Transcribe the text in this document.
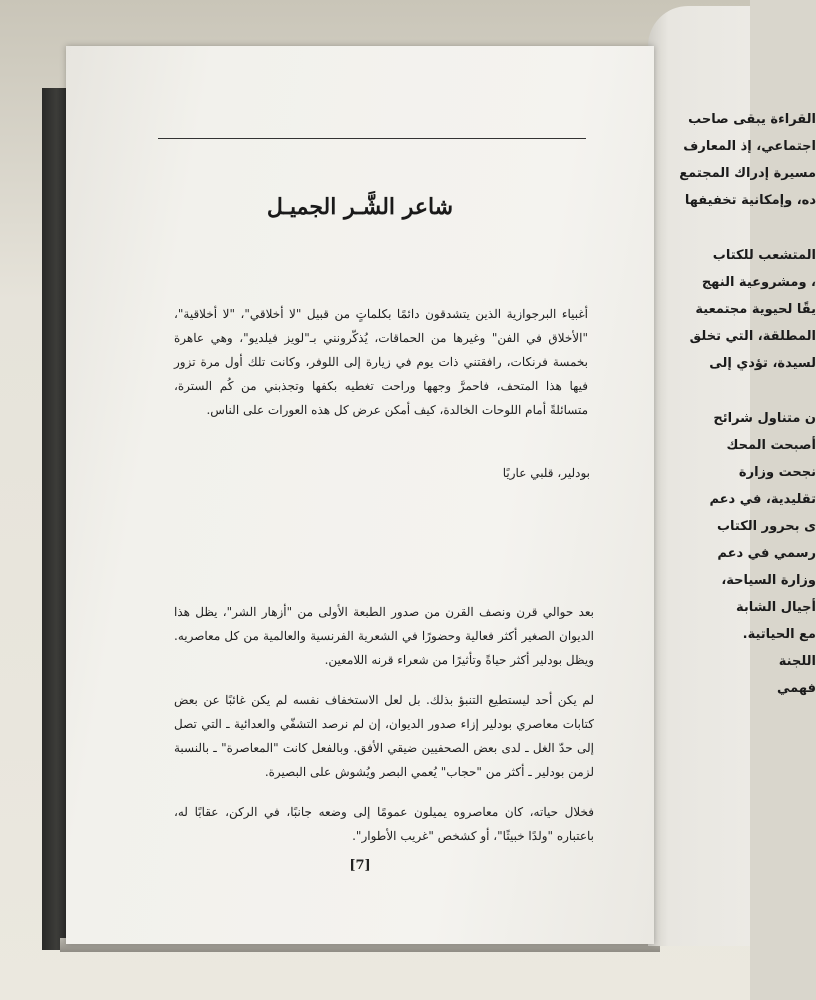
القراءة يبقى صاحب
اجتماعي، إذ المعارف
مسيرة إدراك المجتمع
ده، وإمكانية تخفيفها
المتشعب للكتاب
، ومشروعية النهج
يقًا لحيوية مجتمعية
المطلقة، التي تخلق
لسيدة، تؤدي إلى
ن متناول شرائح
أصبحت المحك
نجحت وزارة
تقليدية، في دعم
ى بحرور الكتاب
رسمي في دعم
وزارة السياحة،
أجيال الشابة
مع الحياتية.
اللجنة
فهمي
شاعر الشَّـر الجميـل
أغبياء البرجوازية الذين يتشدقون دائمًا بكلماتٍ من قبيل "لا أخلاقي"، "لا أخلاقية"، "الأخلاق في الفن" وغيرها من الحماقات، يُذكّرونني بـ"لويز فيلديو"، وهي عاهرة بخمسة فرنكات، رافقتني ذات يوم في زيارة إلى اللوفر، وكانت تلك أول مرة تزور فيها هذا المتحف، فاحمرَّ وجهها وراحت تغطيه بكفها وتجذبني من كُم السترة، متسائلةً أمام اللوحات الخالدة، كيف أمكن عرض كل هذه العورات على الناس.
بودلير، قلبي عاريًا

بعد حوالي قرن ونصف القرن من صدور الطبعة الأولى من "أزهار الشر"، يظل هذا الديوان الصغير أكثر فعالية وحضورًا في الشعرية الفرنسية والعالمية من كل معاصريه. ويظل بودلير أكثر حياةً وتأثيرًا من شعراء قرنه اللامعين.

لم يكن أحد ليستطيع التنبؤ بذلك. بل لعل الاستخفاف نفسه لم يكن غائبًا عن بعض كتابات معاصري بودلير إزاء صدور الديوان، إن لم نرصد التشفّي والعدائية ـ التي تصل إلى حدّ الغل ـ لدى بعض الصحفيين ضيقي الأفق. وبالفعل كانت "المعاصرة" ـ بالنسبة لزمن بودلير ـ أكثر من "حجاب" يُعمي البصر ويُشوش على البصيرة.

فخلال حياته، كان معاصروه يميلون عمومًا إلى وضعه جانبًا، في الركن، عقابًا له، باعتباره "ولدًا خبيثًا"، أو كشخص "غريب الأطوار".

[7]
